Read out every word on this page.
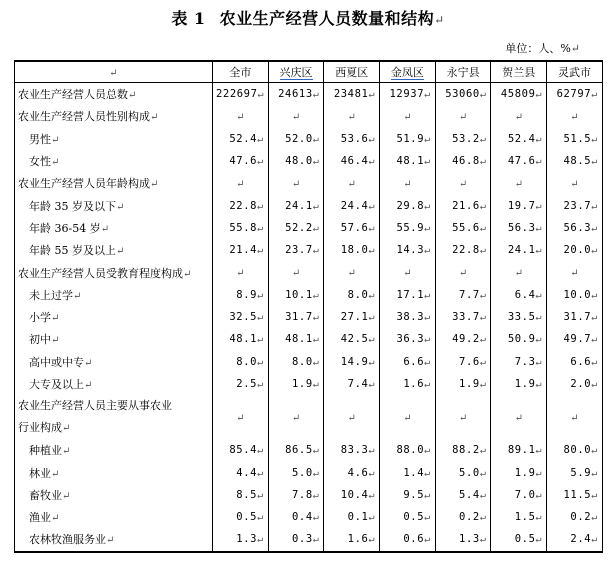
表 1 农业生产经营人员数量和结构↵
单位：人、%↵
↵	全市	兴庆区	西夏区	金凤区	永宁县	贺兰县	灵武市
农业生产经营人员总数↵	222697↵	24613↵	23481↵	12937↵	53060↵	45809↵	62797↵
农业生产经营人员性别构成↵	↵	↵	↵	↵	↵	↵	↵
男性↵	52.4↵	52.0↵	53.6↵	51.9↵	53.2↵	52.4↵	51.5↵
女性↵	47.6↵	48.0↵	46.4↵	48.1↵	46.8↵	47.6↵	48.5↵
农业生产经营人员年龄构成↵	↵	↵	↵	↵	↵	↵	↵
年龄 35 岁及以下↵	22.8↵	24.1↵	24.4↵	29.8↵	21.6↵	19.7↵	23.7↵
年龄 36-54 岁↵	55.8↵	52.2↵	57.6↵	55.9↵	55.6↵	56.3↵	56.3↵
年龄 55 岁及以上↵	21.4↵	23.7↵	18.0↵	14.3↵	22.8↵	24.1↵	20.0↵
农业生产经营人员受教育程度构成↵	↵	↵	↵	↵	↵	↵	↵
未上过学↵	8.9↵	10.1↵	8.0↵	17.1↵	7.7↵	6.4↵	10.0↵
小学↵	32.5↵	31.7↵	27.1↵	38.3↵	33.7↵	33.5↵	31.7↵
初中↵	48.1↵	48.1↵	42.5↵	36.3↵	49.2↵	50.9↵	49.7↵
高中或中专↵	8.0↵	8.0↵	14.9↵	6.6↵	7.6↵	7.3↵	6.6↵
大专及以上↵	2.5↵	1.9↵	7.4↵	1.6↵	1.9↵	1.9↵	2.0↵
农业生产经营人员主要从事农业行业构成↵	↵	↵	↵	↵	↵	↵	↵
种植业↵	85.4↵	86.5↵	83.3↵	88.0↵	88.2↵	89.1↵	80.0↵
林业↵	4.4↵	5.0↵	4.6↵	1.4↵	5.0↵	1.9↵	5.9↵
畜牧业↵	8.5↵	7.8↵	10.4↵	9.5↵	5.4↵	7.0↵	11.5↵
渔业↵	0.5↵	0.4↵	0.1↵	0.5↵	0.2↵	1.5↵	0.2↵
农林牧渔服务业↵	1.3↵	0.3↵	1.6↵	0.6↵	1.3↵	0.5↵	2.4↵
